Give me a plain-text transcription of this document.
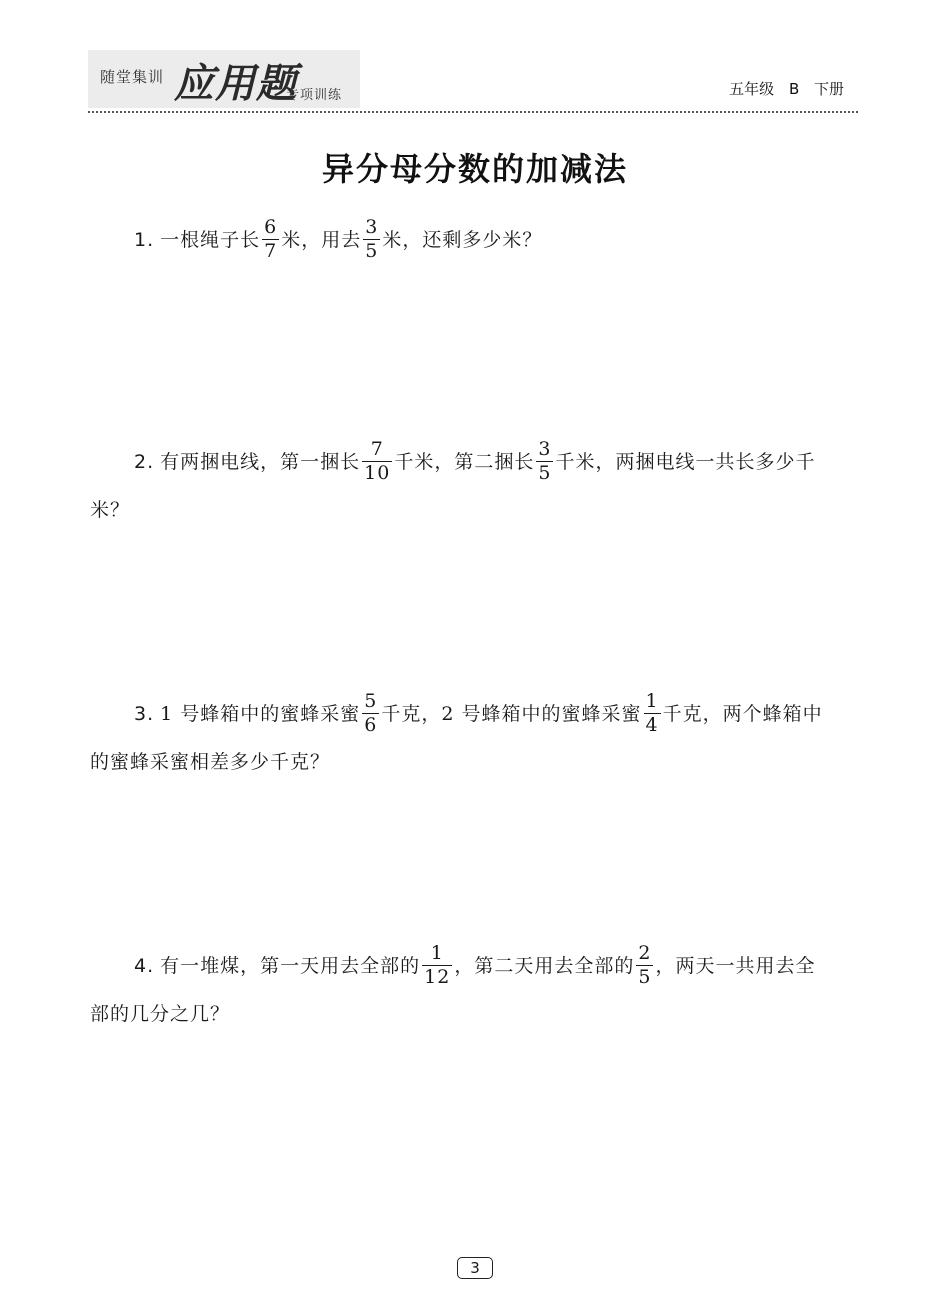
随堂集训 应用题
专项训练	五年级 B 下册
异分母分数的加减法
1. 一根绳子长 $\frac{6}{7}$ 米，用去 $\frac{3}{5}$ 米，还剩多少米？
2. 有两捆电线，第一捆长 $\frac{7}{10}$ 千米，第二捆长 $\frac{3}{5}$ 千米，两捆电线一共长多少千
米？
3. 1 号蜂箱中的蜜蜂采蜜 $\frac{5}{6}$ 千克，2 号蜂箱中的蜜蜂采蜜 $\frac{1}{4}$ 千克，两个蜂箱中
的蜜蜂采蜜相差多少千克？
4. 有一堆煤，第一天用去全部的 $\frac{1}{12}$ ，第二天用去全部的 $\frac{2}{5}$ ，两天一共用去全
部的几分之几？
3
